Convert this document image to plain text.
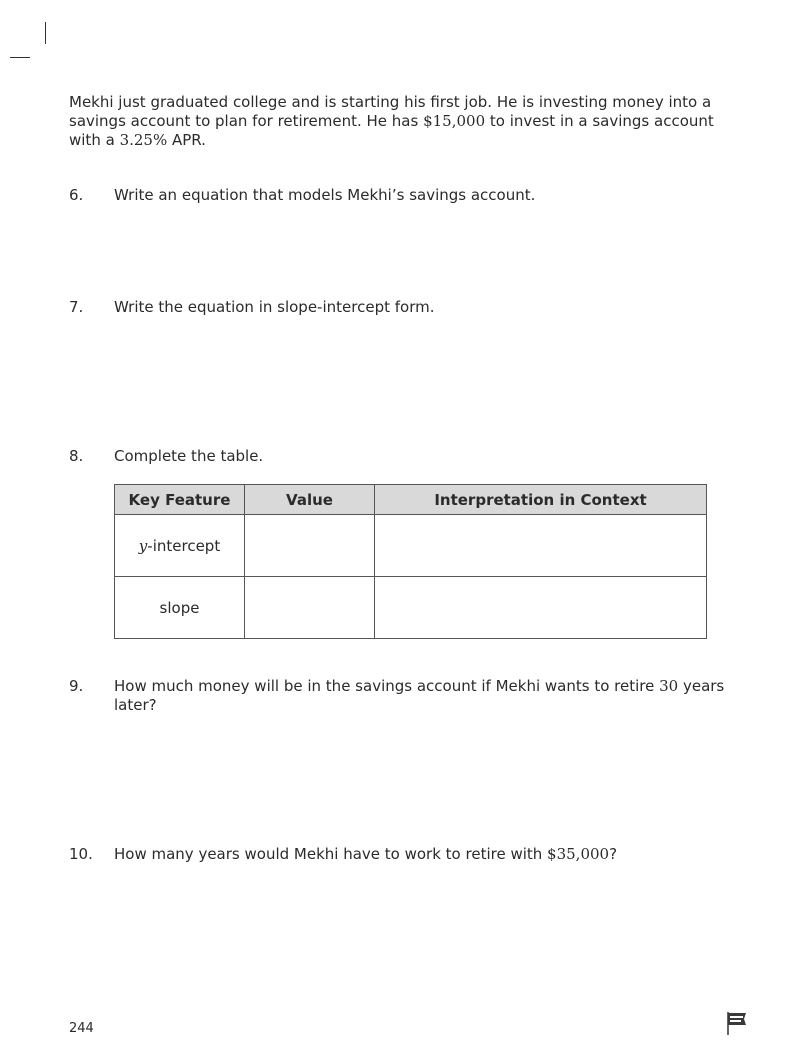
Mekhi just graduated college and is starting his first job. He is investing money into a savings account to plan for retirement. He has $15,000 to invest in a savings account with a 3.25% APR.

6. Write an equation that models Mekhi’s savings account.
7. Write the equation in slope-intercept form.
8. Complete the table.
Key Feature	Value	Interpretation in Context
y-intercept		
slope		
9. How much money will be in the savings account if Mekhi wants to retire 30 years later?
10. How many years would Mekhi have to work to retire with $35,000?
244
